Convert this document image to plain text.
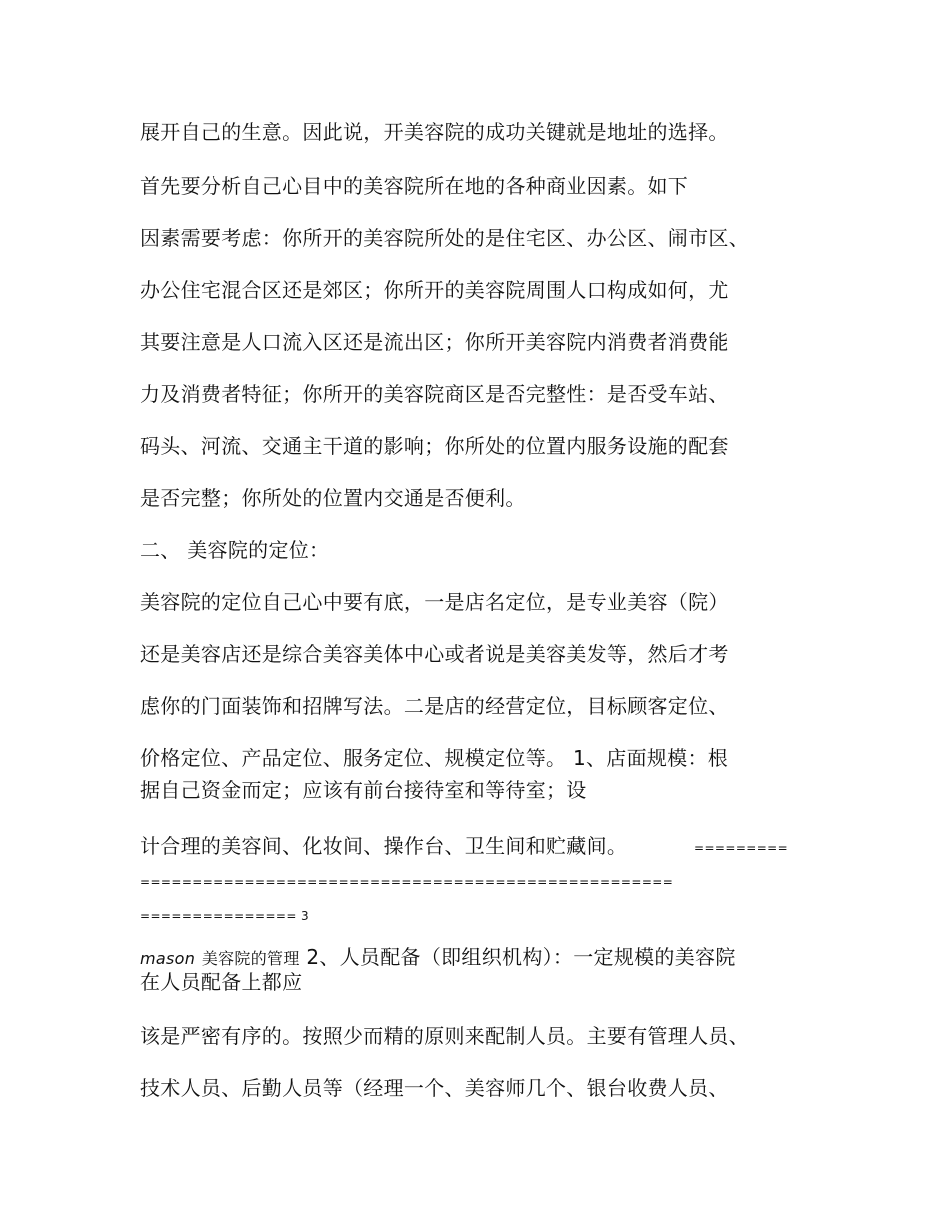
展开自己的生意。因此说，开美容院的成功关键就是地址的选择。

首先要分析自己心目中的美容院所在地的各种商业因素。如下

因素需要考虑：你所开的美容院所处的是住宅区、办公区、闹市区、

办公住宅混合区还是郊区；你所开的美容院周围人口构成如何，尤

其要注意是人口流入区还是流出区；你所开美容院内消费者消费能

力及消费者特征；你所开的美容院商区是否完整性：是否受车站、

码头、河流、交通主干道的影响；你所处的位置内服务设施的配套

是否完整；你所处的位置内交通是否便利。

二、 美容院的定位：

美容院的定位自己心中要有底，一是店名定位，是专业美容（院）

还是美容店还是综合美容美体中心或者说是美容美发等，然后才考

虑你的门面装饰和招牌写法。二是店的经营定位，目标顾客定位、

价格定位、产品定位、服务定位、规模定位等。 1、店面规模：根

据自己资金而定；应该有前台接待室和等待室；设

计合理的美容间、化妆间、操作台、卫生间和贮藏间。	=========

===================================================

=============== 3

mason 美容院的管理 2、人员配备（即组织机构）：一定规模的美容院

在人员配备上都应

该是严密有序的。按照少而精的原则来配制人员。主要有管理人员、

技术人员、后勤人员等（经理一个、美容师几个、银台收费人员、
